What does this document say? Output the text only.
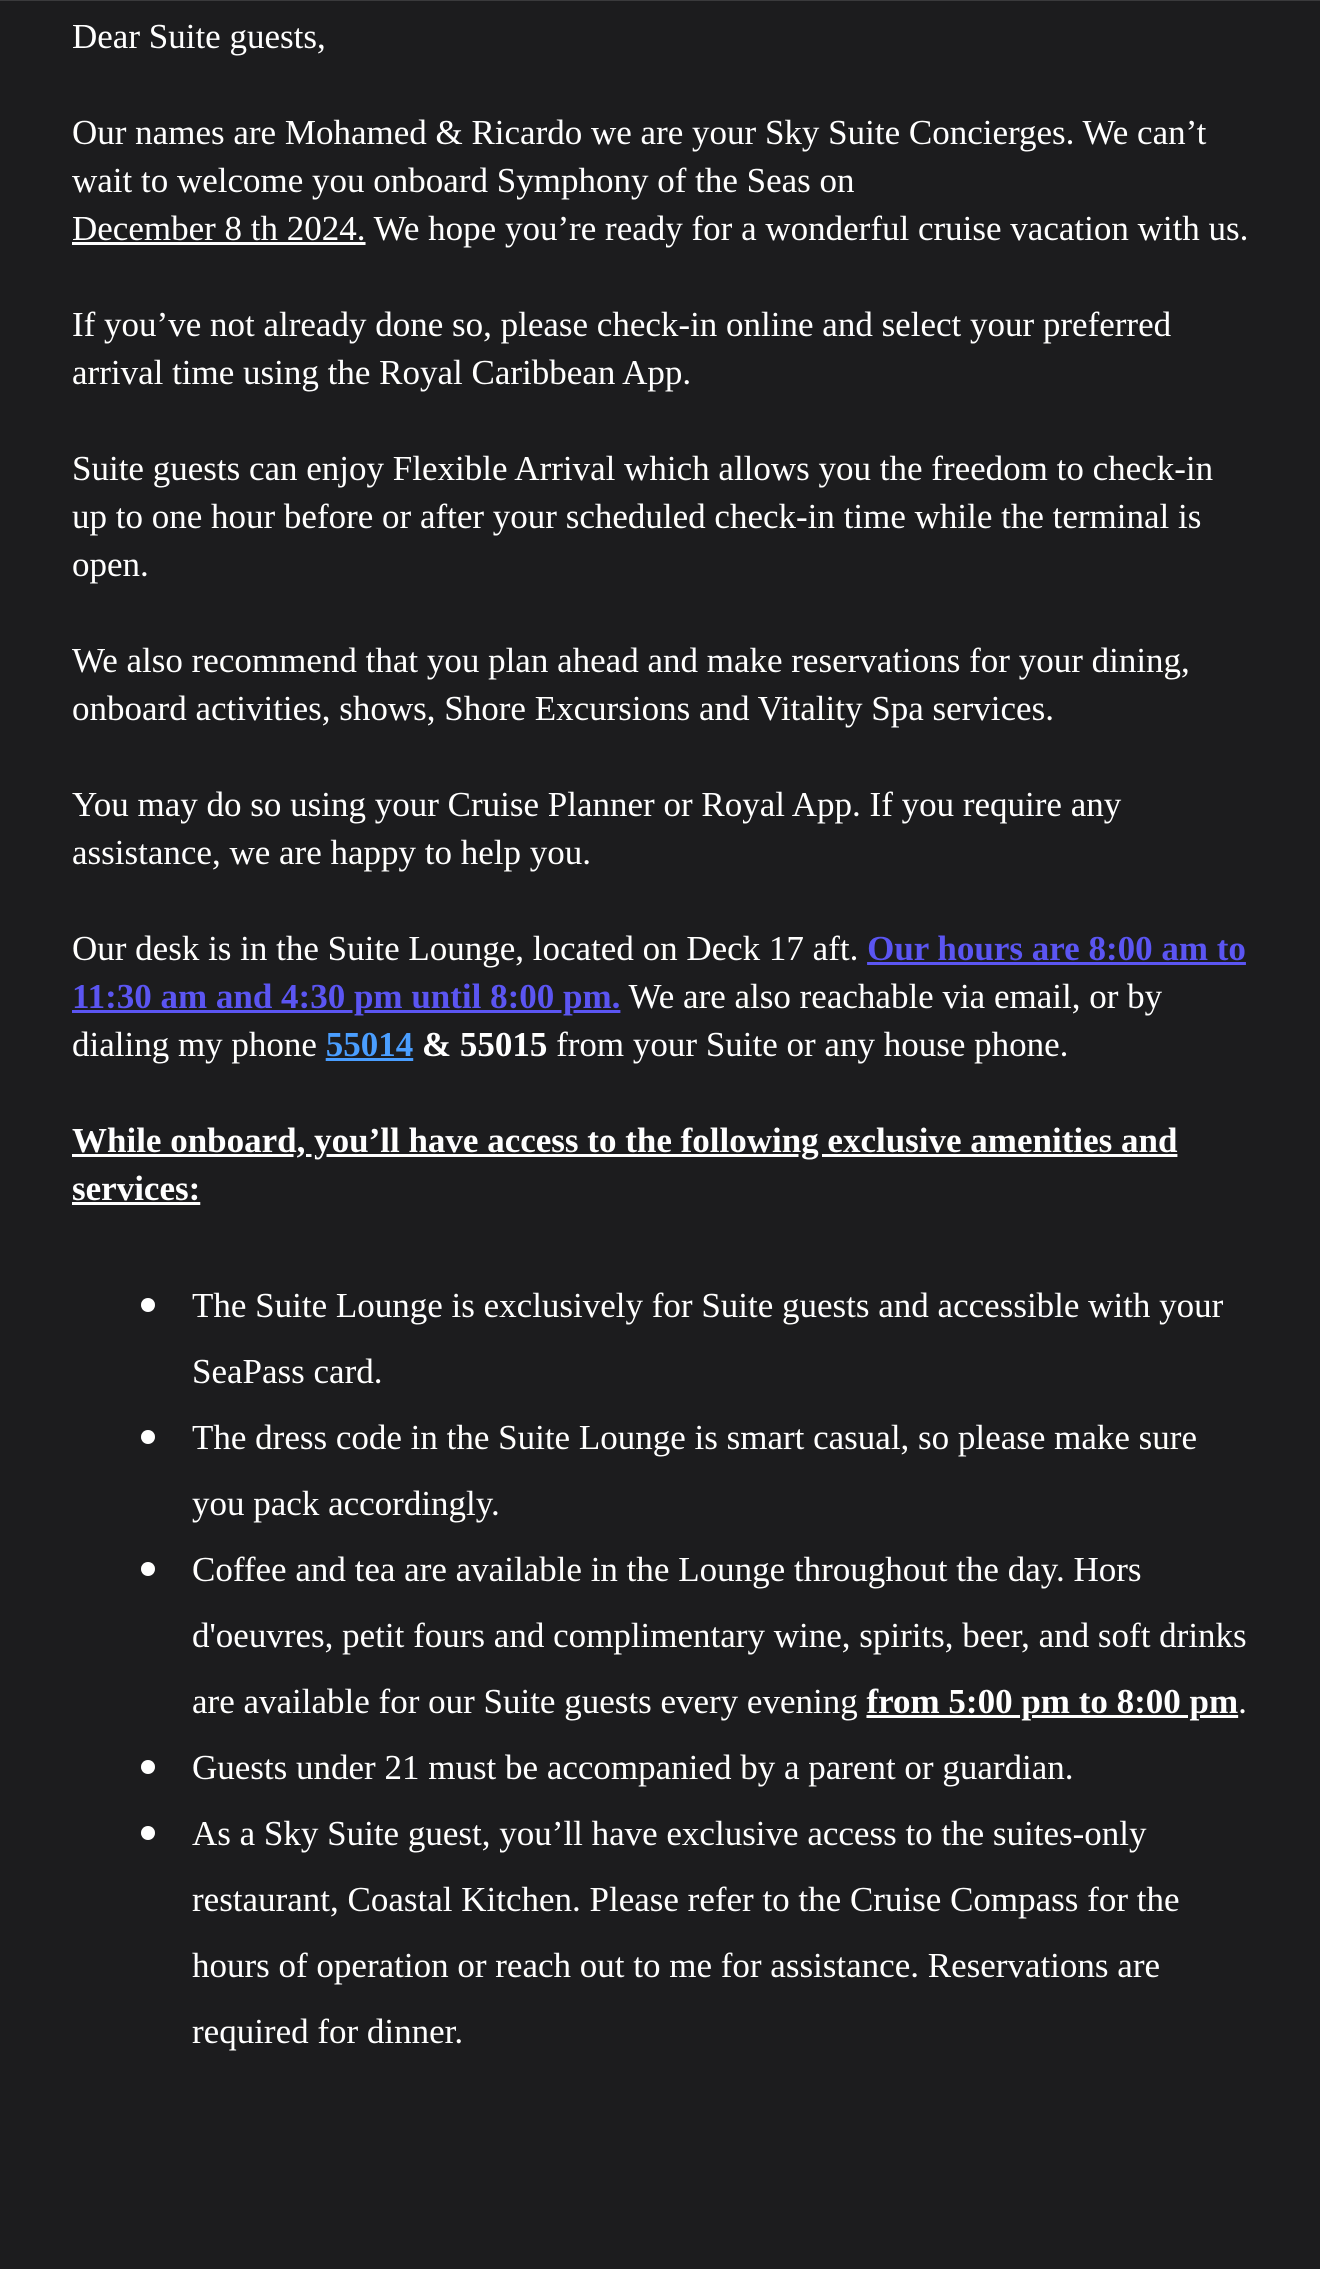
Dear Suite guests,

Our names are Mohamed & Ricardo we are your Sky Suite Concierges. We can’t wait to welcome you onboard Symphony of the Seas on
December 8 th 2024. We hope you’re ready for a wonderful cruise vacation with us.

If you’ve not already done so, please check-in online and select your preferred arrival time using the Royal Caribbean App.

Suite guests can enjoy Flexible Arrival which allows you the freedom to check-in up to one hour before or after your scheduled check-in time while the terminal is open.

We also recommend that you plan ahead and make reservations for your dining, onboard activities, shows, Shore Excursions and Vitality Spa services.

You may do so using your Cruise Planner or Royal App. If you require any assistance, we are happy to help you.

Our desk is in the Suite Lounge, located on Deck 17 aft. Our hours are 8:00 am to 11:30 am and 4:30 pm until 8:00 pm. We are also reachable via email, or by dialing my phone 55014 & 55015 from your Suite or any house phone.

While onboard, you’ll have access to the following exclusive amenities and services:

The Suite Lounge is exclusively for Suite guests and accessible with your SeaPass card.
The dress code in the Suite Lounge is smart casual, so please make sure you pack accordingly.
Coffee and tea are available in the Lounge throughout the day. Hors d'oeuvres, petit fours and complimentary wine, spirits, beer, and soft drinks are available for our Suite guests every evening from 5:00 pm to 8:00 pm.
Guests under 21 must be accompanied by a parent or guardian.
As a Sky Suite guest, you’ll have exclusive access to the suites-only restaurant, Coastal Kitchen. Please refer to the Cruise Compass for the hours of operation or reach out to me for assistance. Reservations are required for dinner.
